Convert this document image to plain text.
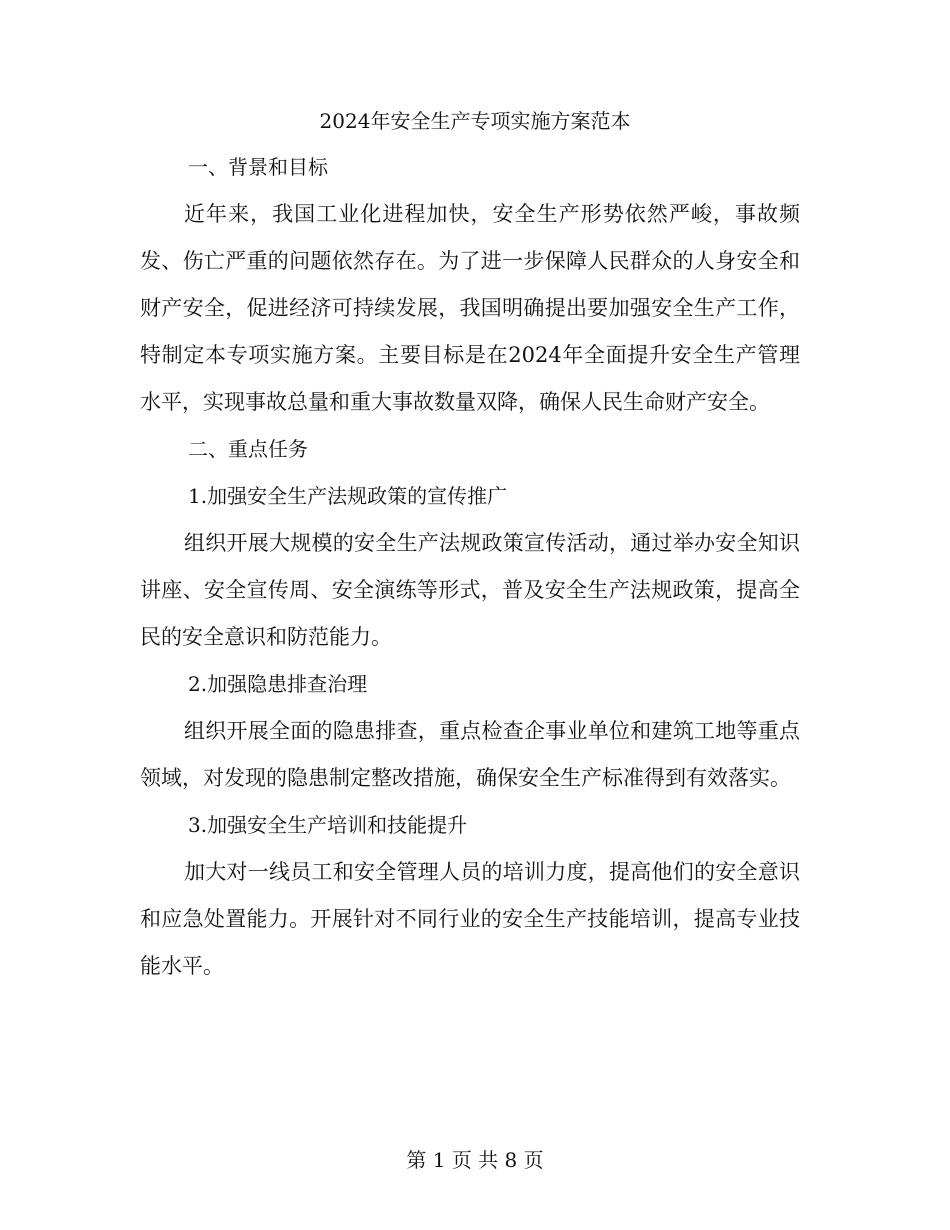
2024年安全生产专项实施方案范本

一、背景和目标

近年来，我国工业化进程加快，安全生产形势依然严峻，事故频发、伤亡严重的问题依然存在。为了进一步保障人民群众的人身安全和财产安全，促进经济可持续发展，我国明确提出要加强安全生产工作，特制定本专项实施方案。主要目标是在2024年全面提升安全生产管理水平，实现事故总量和重大事故数量双降，确保人民生命财产安全。

二、重点任务

1.加强安全生产法规政策的宣传推广

组织开展大规模的安全生产法规政策宣传活动，通过举办安全知识讲座、安全宣传周、安全演练等形式，普及安全生产法规政策，提高全民的安全意识和防范能力。

2.加强隐患排查治理

组织开展全面的隐患排查，重点检查企事业单位和建筑工地等重点领域，对发现的隐患制定整改措施，确保安全生产标准得到有效落实。

3.加强安全生产培训和技能提升

加大对一线员工和安全管理人员的培训力度，提高他们的安全意识和应急处置能力。开展针对不同行业的安全生产技能培训，提高专业技能水平。

第 1 页 共 8 页
